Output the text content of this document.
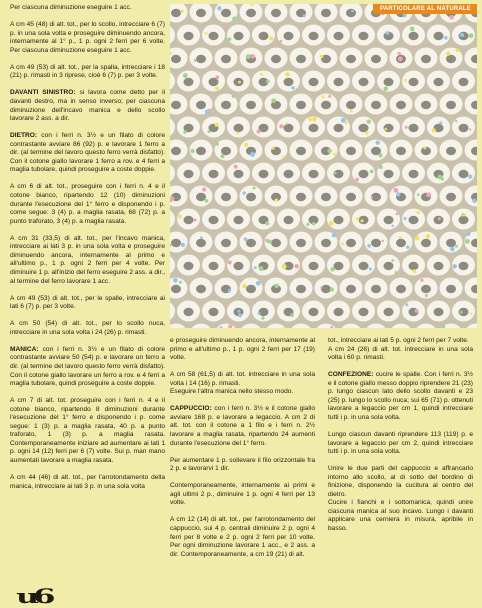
Per ciascuna diminuzione eseguire 1 acc.

A cm 45 (48) di alt. tot., per lo scollo, intrecciare 6 (7) p. in una sola volta e proseguire diminuendo ancora, internamente al 1° p., 1 p. ogni 2 ferri per 6 volte. Per ciascuna diminuzione eseguire 1 acc.

A cm 49 (53) di alt. tot., per la spalla, intrecciare i 18 (21) p. rimasti in 3 riprese, cioè 6 (7) p. per 3 volte.

DAVANTI SINISTRO: si lavora come detto per il davanti destro, ma in senso inverso; per ciascuna diminuzione dell'incavo manica e dello scollo lavorare 2 ass. a dir.

DIETRO: con i ferri n. 3½ e un filato di colore contrastante avviare 86 (92) p. e lavorare 1 ferro a dir. (al termine del lavoro questo ferro verrà disfatto). Con il cotone giallo lavorare 1 ferro a rov. e 4 ferri a maglia tubolare, quindi proseguire a coste doppie.

A cm 6 di alt. tot., proseguire con i ferri n. 4 e il cotone bianco, ripartendo 12 (10) diminuzioni durante l'esecuzione del 1° ferro e disponendo i p. come segue: 3 (4) p. a maglia rasata, 68 (72) p. a punto traforato, 3 (4) p. a maglia rasata.

A cm 31 (33,5) di alt. tot., per l'incavo manica, intrecciare ai lati 3 p. in una sola volta e proseguire diminuendo ancora, internamente al primo e all'ultimo p., 1 p. ogni 2 ferri per 4 volte. Per diminuire 1 p. all'inizio del ferro eseguire 2 ass. a dir., al termine del ferro lavorare 1 acc.

A cm 49 (53) di alt. tot., per le spalle, intrecciare ai lati 6 (7) p. per 3 volte.

A cm 50 (54) di alt. tot., per lo scollo nuca, intrecciare in una sola volta i 24 (26) p. rimasti.

MANICA: con i ferri n. 3½ e un filato di colore contrastante avviare 50 (54) p. e lavorare un ferro a dir. (al termine del lavoro questo ferro verrà disfatto). Con il cotone giallo lavorare un ferro a rov. e 4 ferri a maglia tubolare, quindi proseguire a coste doppie.

A cm 7 di alt. tot. proseguire con i ferri n. 4 e il cotone bianco, ripartendo 8 diminuzioni durante l'esecuzione del 1° ferro e disponendo i p. come segue: 1 (3) p. a maglia rasata, 40 p. a punto traforato, 1 (3) p. a maglia rasata. Contemporaneamente iniziare ad aumentare ai lati 1 p. ogni 14 (12) ferri per 6 (7) volte. Sui p. man mano aumentati lavorare a maglia rasata.

A cm 44 (46) di alt. tot., per l'arrotondamento della manica, intrecciare ai lati 3 p. in una sola volta

e proseguire diminuendo ancora, internamente al primo e all'ultimo p., 1 p. ogni 2 ferri per 17 (19) volte.

A cm 58 (61,5) di alt. tot. intrecciare in una sola volta i 14 (16) p. rimasti.

Eseguire l'altra manica nello stesso modo.

CAPPUCCIO: con i ferri n. 3½ e il cotone giallo avviare 168 p. e lavorare a legaccio. A cm 2 di alt. tot. con il cotone a 1 filo e i ferri n. 2½ lavorare a maglia rasata, ripartendo 24 aumenti durante l'esecuzione del 1° ferro.

Per aumentare 1 p. sollevare il filo orizzontale fra 2 p. e lavorarvi 1 dir.

Contemporaneamente, internamente ai primi e agli ultimi 2 p., diminuire 1 p. ogni 4 ferri per 13 volte.

A cm 12 (14) di alt. tot., per l'arrotondamento del cappuccio, sui 4 p. centrali diminuire 2 p. ogni 4 ferri per 8 volte e 2 p. ogni 2 ferri per 10 volte. Per ogni diminuzione lavorare 1 acc., e 2 ass. a dir. Contemporaneamente, a cm 19 (21) di alt.

tot., intrecciare ai lati 5 p. ogni 2 ferri per 7 volte.

A cm 24 (26) di alt. tot. intrecciare in una sola volta i 60 p. rimasti.

CONFEZIONE: cucire le spalle. Con i ferri n. 3½ e il cotone giallo messo doppio riprendere 21 (23) p. lungo ciascun lato dello scollo davanti e 23 (25) p. lungo lo scollo nuca; sui 65 (71) p. ottenuti lavorare a legaccio per cm 1, quindi intrecciare tutti i p. in una sola volta.

Lungo ciascun davanti riprendere 113 (119) p. e lavorare a legaccio per cm 2, quindi intrecciare tutti i p. in una sola volta.

Unire le due parti del cappuccio e affrancarlo intorno allo scollo, al di sotto del bordino di finizione, disponendo la cucitura al centro del dietro.

Cucire i fianchi e i sottomanica, quindi unire ciascuna manica al suo incavo. Lungo i davanti applicare una cerniera in misura, apribile in basso.

PARTICOLARE AL NATURALE
u6
